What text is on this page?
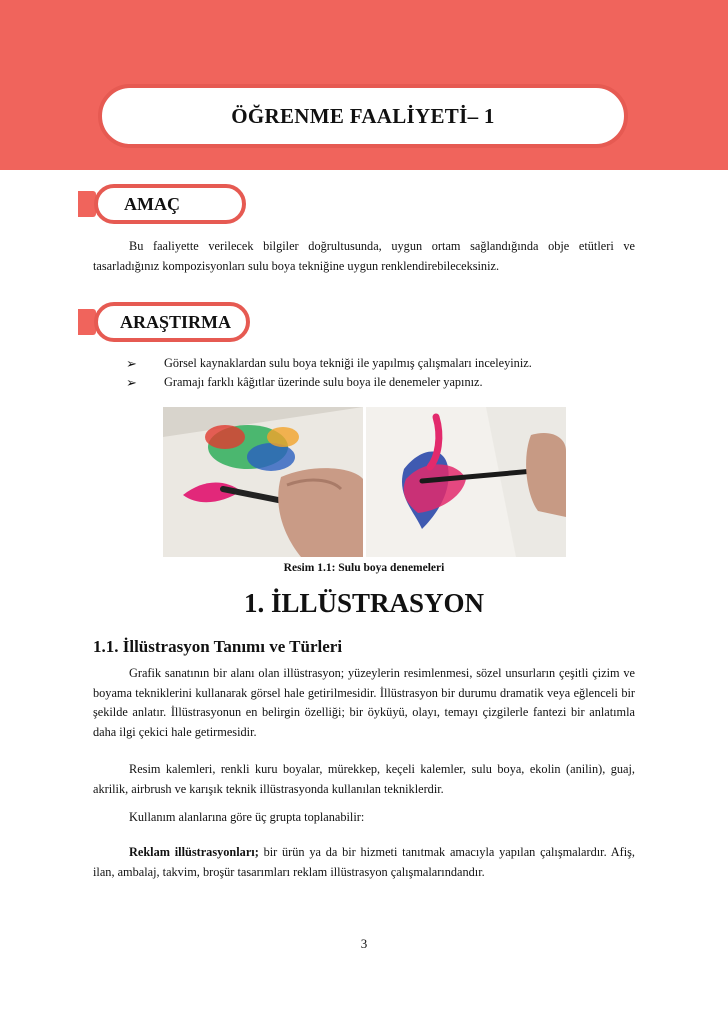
ÖĞRENME FAALİYETİ– 1
AMAÇ

Bu faaliyette verilecek bilgiler doğrultusunda, uygun ortam sağlandığında obje etütleri ve tasarladığınız kompozisyonları sulu boya tekniğine uygun renklendirebileceksiniz.

ARAŞTIRMA
➢	Görsel kaynaklardan sulu boya tekniği ile yapılmış çalışmaları inceleyiniz.
➢	Gramajı farklı kâğıtlar üzerinde sulu boya ile denemeler yapınız.
Resim 1.1: Sulu boya denemeleri
1. İLLÜSTRASYON
1.1. İllüstrasyon Tanımı ve Türleri

Grafik sanatının bir alanı olan illüstrasyon; yüzeylerin resimlenmesi, sözel unsurların çeşitli çizim ve boyama tekniklerini kullanarak görsel hale getirilmesidir. İllüstrasyon bir durumu dramatik veya eğlenceli bir şekilde anlatır. İllüstrasyonun en belirgin özelliği; bir öyküyü, olayı, temayı çizgilerle fantezi bir anlatımla daha ilgi çekici hale getirmesidir.

Resim kalemleri, renkli kuru boyalar, mürekkep, keçeli kalemler, sulu boya, ekolin (anilin), guaj, akrilik, airbrush ve karışık teknik illüstrasyonda kullanılan tekniklerdir.

Kullanım alanlarına göre üç grupta toplanabilir:

Reklam illüstrasyonları; bir ürün ya da bir hizmeti tanıtmak amacıyla yapılan çalışmalardır. Afiş, ilan, ambalaj, takvim, broşür tasarımları reklam illüstrasyon çalışmalarındandır.

3
